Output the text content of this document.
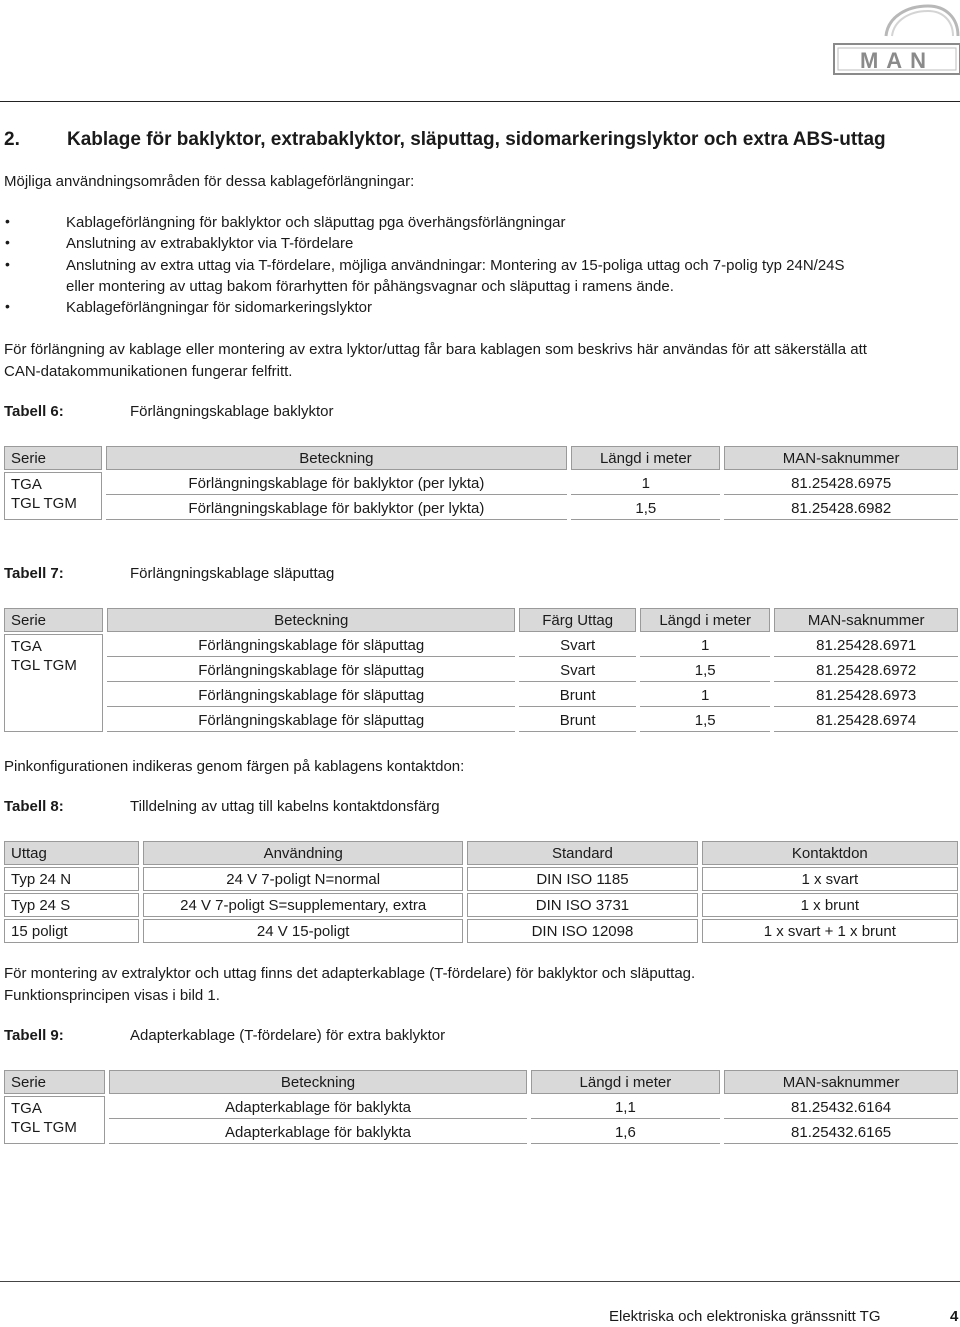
MAN
2. Kablage för baklyktor, extrabaklyktor, släputtag, sidomarkeringslyktor och extra ABS-uttag
Möjliga användningsområden för dessa kablageförlängningar:
•	Kablageförlängning för baklyktor och släputtag pga överhängsförlängningar
•	Anslutning av extrabaklyktor via T-fördelare
•	Anslutning av extra uttag via T-fördelare, möjliga användningar: Montering av 15-poliga uttag och 7-polig typ 24N/24S
eller montering av uttag bakom förarhytten för påhängsvagnar och släputtag i ramens ände.
•	Kablageförlängningar för sidomarkeringslyktor
För förlängning av kablage eller montering av extra lyktor/uttag får bara kablagen som beskrivs här användas för att säkerställa att
CAN-datakommunikationen fungerar felfritt.
Tabell 6:	Förlängningskablage baklyktor
Serie	Beteckning	Längd i meter	MAN-saknummer

TGA
TGL TGM	Förlängningskablage för baklyktor (per lykta)	1	81.25428.6975
	Förlängningskablage för baklyktor (per lykta)	1,5	81.25428.6982
Tabell 7:	Förlängningskablage släputtag
Serie	Beteckning	Färg Uttag	Längd i meter	MAN-saknummer

TGA
TGL TGM	Förlängningskablage för släputtag	Svart	1	81.25428.6971
	Förlängningskablage för släputtag	Svart	1,5	81.25428.6972
	Förlängningskablage för släputtag	Brunt	1	81.25428.6973
	Förlängningskablage för släputtag	Brunt	1,5	81.25428.6974
Pinkonfigurationen indikeras genom färgen på kablagens kontaktdon:
Tabell 8:	Tilldelning av uttag till kabelns kontaktdonsfärg
Uttag	Användning	Standard	Kontaktdon
Typ 24 N	24 V 7-poligt N=normal	DIN ISO 1185	1 x svart
Typ 24 S	24 V 7-poligt S=supplementary, extra	DIN ISO 3731	1 x brunt
15 poligt	24 V 15-poligt	DIN ISO 12098	1 x svart + 1 x brunt
För montering av extralyktor och uttag finns det adapterkablage (T-fördelare) för baklyktor och släputtag.
Funktionsprincipen visas i bild 1.
Tabell 9:	Adapterkablage (T-fördelare) för extra baklyktor
Serie	Beteckning	Längd i meter	MAN-saknummer

TGA
TGL TGM	Adapterkablage för baklykta	1,1	81.25432.6164
	Adapterkablage för baklykta	1,6	81.25432.6165
Elektriska och elektroniska gränssnitt TG	4
